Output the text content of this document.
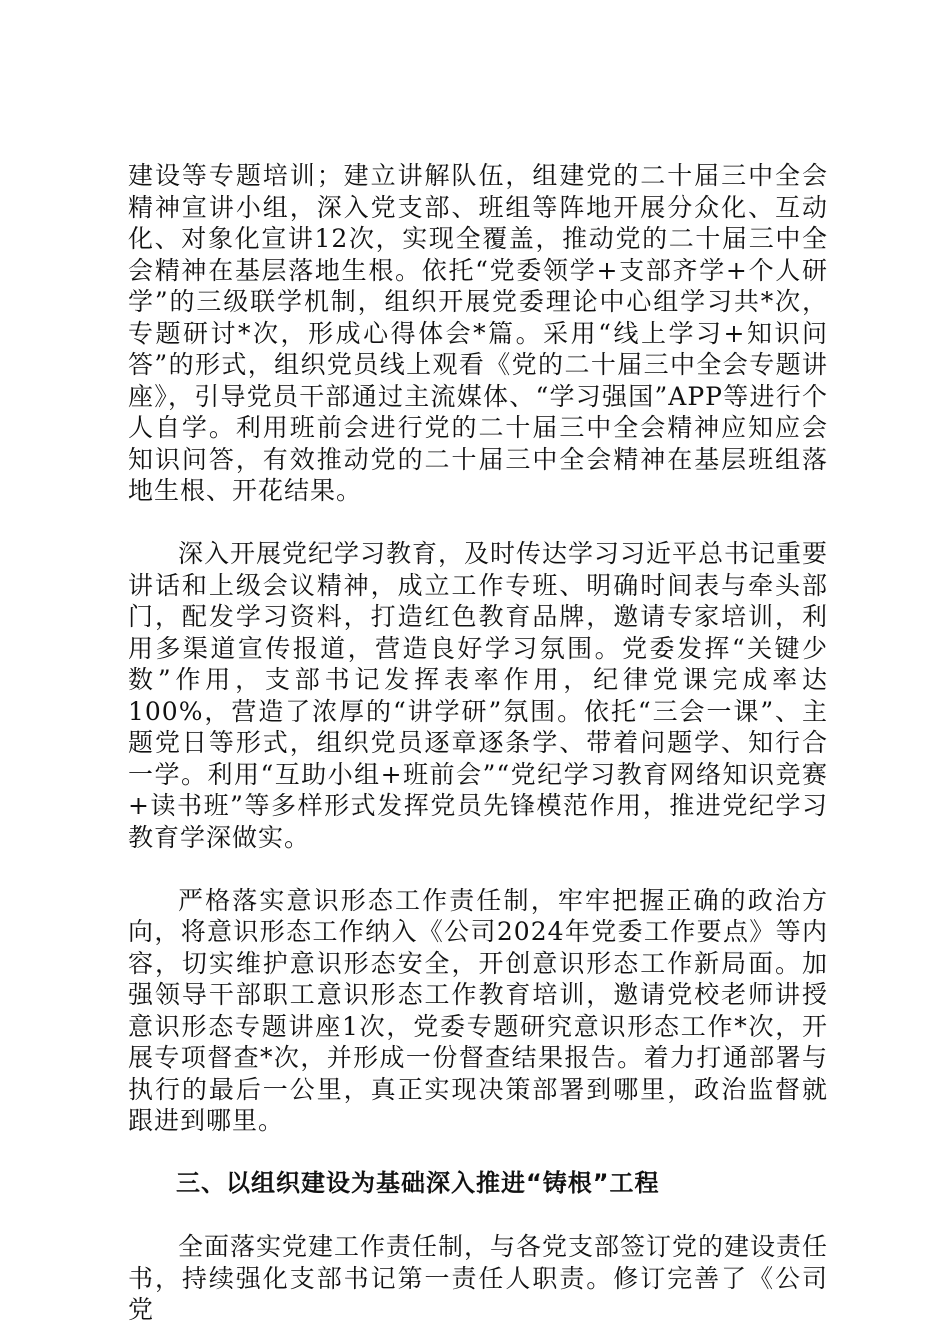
建设等专题培训；建立讲解队伍，组建党的二十届三中全会精神宣讲小组，深入党支部、班组等阵地开展分众化、互动化、对象化宣讲12次，实现全覆盖，推动党的二十届三中全会精神在基层落地生根。依托“党委领学+支部齐学+个人研学”的三级联学机制，组织开展党委理论中心组学习共*次，专题研讨*次，形成心得体会*篇。采用“线上学习+知识问答”的形式，组织党员线上观看《党的二十届三中全会专题讲座》，引导党员干部通过主流媒体、“学习强国”APP等进行个人自学。利用班前会进行党的二十届三中全会精神应知应会知识问答，有效推动党的二十届三中全会精神在基层班组落地生根、开花结果。

深入开展党纪学习教育，及时传达学习习近平总书记重要讲话和上级会议精神，成立工作专班、明确时间表与牵头部门，配发学习资料，打造红色教育品牌，邀请专家培训，利用多渠道宣传报道，营造良好学习氛围。党委发挥“关键少数”作用，支部书记发挥表率作用，纪律党课完成率达100%，营造了浓厚的“讲学研”氛围。依托“三会一课”、主题党日等形式，组织党员逐章逐条学、带着问题学、知行合一学。利用“互助小组+班前会”“党纪学习教育网络知识竞赛+读书班”等多样形式发挥党员先锋模范作用，推进党纪学习教育学深做实。

严格落实意识形态工作责任制，牢牢把握正确的政治方向，将意识形态工作纳入《公司2024年党委工作要点》等内容，切实维护意识形态安全，开创意识形态工作新局面。加强领导干部职工意识形态工作教育培训，邀请党校老师讲授意识形态专题讲座1次，党委专题研究意识形态工作*次，开展专项督查*次，并形成一份督查结果报告。着力打通部署与执行的最后一公里，真正实现决策部署到哪里，政治监督就跟进到哪里。

三、以组织建设为基础深入推进“铸根”工程

全面落实党建工作责任制，与各党支部签订党的建设责任书，持续强化支部书记第一责任人职责。修订完善了《公司党
